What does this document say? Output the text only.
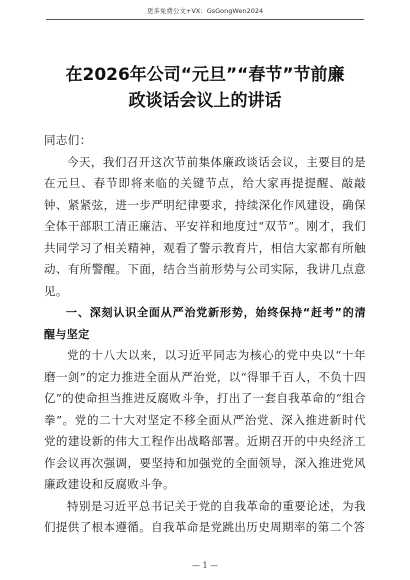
更多免费公文+VX：GsGongWen2024
在2026年公司“元旦”“春节”节前廉
政谈话会议上的讲话

同志们：

今天，我们召开这次节前集体廉政谈话会议，主要目的是在元旦、春节即将来临的关键节点，给大家再提提醒、敲敲钟、紧紧弦，进一步严明纪律要求，持续深化作风建设，确保全体干部职工清正廉洁、平安祥和地度过“双节”。刚才，我们共同学习了相关精神，观看了警示教育片，相信大家都有所触动、有所警醒。下面，结合当前形势与公司实际，我讲几点意见。

一、深刻认识全面从严治党新形势，始终保持“赶考”的清醒与坚定

党的十八大以来，以习近平同志为核心的党中央以“十年磨一剑”的定力推进全面从严治党，以“得罪千百人，不负十四亿”的使命担当推进反腐败斗争，打出了一套自我革命的“组合拳”。党的二十大对坚定不移全面从严治党、深入推进新时代党的建设新的伟大工程作出战略部署。近期召开的中央经济工作会议再次强调，要坚持和加强党的全面领导，深入推进党风廉政建设和反腐败斗争。

特别是习近平总书记关于党的自我革命的重要论述，为我们提供了根本遵循。自我革命是党跳出历史周期率的第二个答

— 1 —
